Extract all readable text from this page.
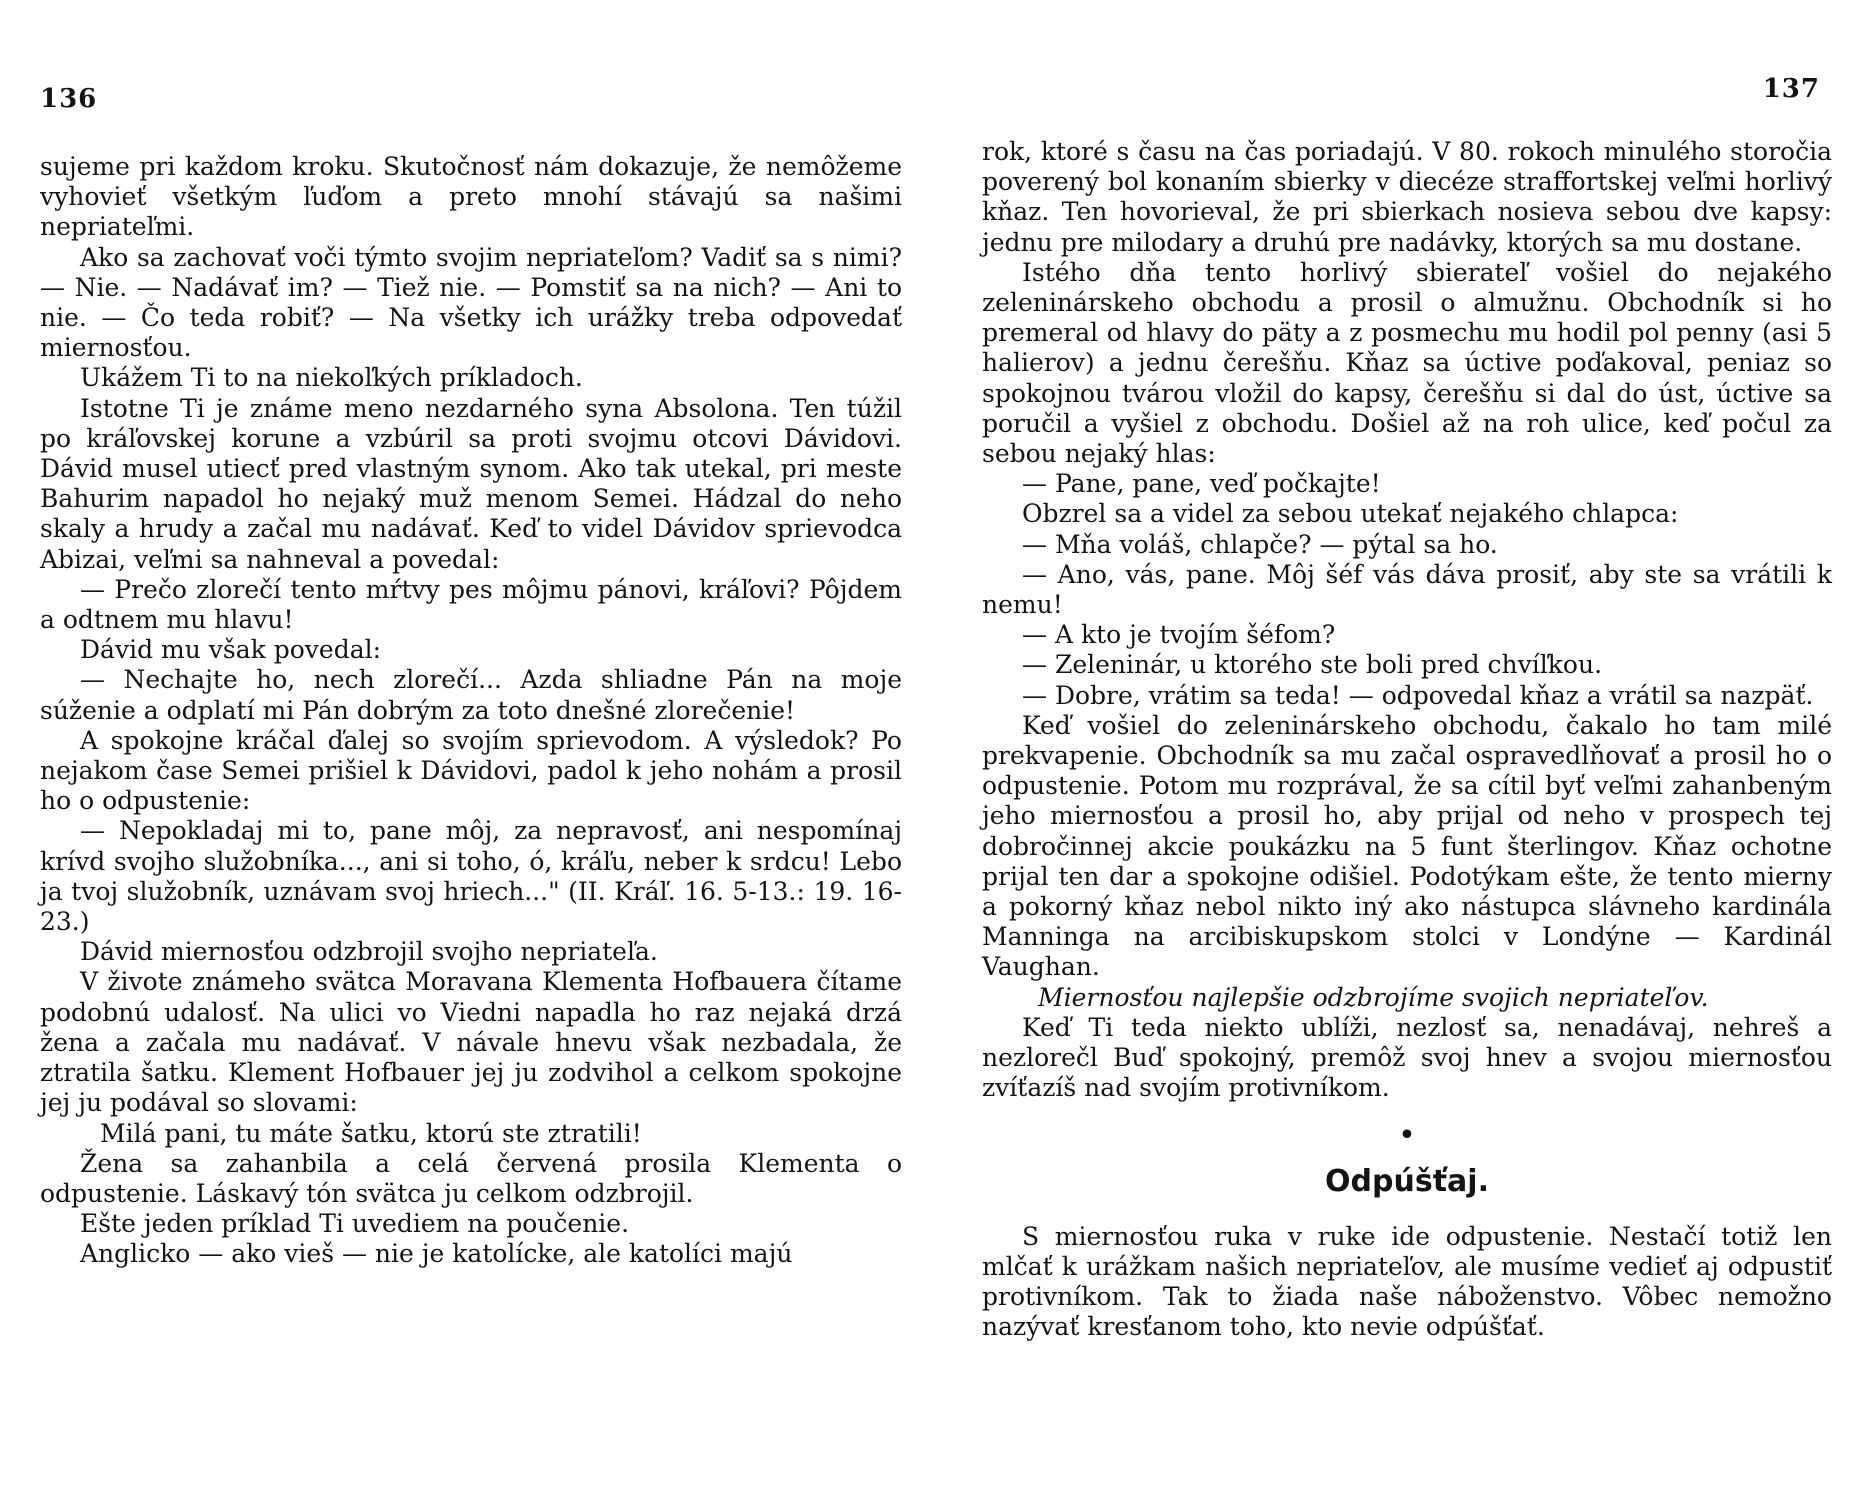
136	137

sujeme pri každom kroku. Skutočnosť nám dokazuje, že nemôžeme vyhovieť všetkým ľuďom a preto mnohí stávajú sa našimi nepriateľmi.

Ako sa zachovať voči týmto svojim nepriateľom? Vadiť sa s nimi? — Nie. — Nadávať im? — Tiež nie. — Pomstiť sa na nich? — Ani to nie. — Čo teda robiť? — Na všetky ich urážky treba odpovedať miernosťou.

Ukážem Ti to na niekoľkých príkladoch.

Istotne Ti je známe meno nezdarného syna Absolona. Ten túžil po kráľovskej korune a vzbúril sa proti svojmu otcovi Dávidovi. Dávid musel utiecť pred vlastným synom. Ako tak utekal, pri meste Bahurim napadol ho nejaký muž menom Semei. Hádzal do neho skaly a hrudy a začal mu nadávať. Keď to videl Dávidov sprievodca Abizai, veľmi sa nahneval a povedal:

— Prečo zlorečí tento mŕtvy pes môjmu pánovi, kráľovi? Pôjdem a odtnem mu hlavu!

Dávid mu však povedal:

— Nechajte ho, nech zlorečí... Azda shliadne Pán na moje súženie a odplatí mi Pán dobrým za toto dnešné zlorečenie!

A spokojne kráčal ďalej so svojím sprievodom. A výsledok? Po nejakom čase Semei prišiel k Dávidovi, padol k jeho nohám a prosil ho o odpustenie:

— Nepokladaj mi to, pane môj, za nepravosť, ani nespomínaj krívd svojho služobníka..., ani si toho, ó, kráľu, neber k srdcu! Lebo ja tvoj služobník, uznávam svoj hriech..." (II. Kráľ. 16. 5-13.: 19. 16-23.)

Dávid miernosťou odzbrojil svojho nepriateľa.

V živote známeho svätca Moravana Klementa Hofbauera čítame podobnú udalosť. Na ulici vo Viedni napadla ho raz nejaká drzá žena a začala mu nadávať. V návale hnevu však nezbadala, že ztratila šatku. Klement Hofbauer jej ju zodvihol a celkom spokojne jej ju podával so slovami:

Milá pani, tu máte šatku, ktorú ste ztratili!

Žena sa zahanbila a celá červená prosila Klementa o odpustenie. Láskavý tón svätca ju celkom odzbrojil.

Ešte jeden príklad Ti uvediem na poučenie.

Anglicko — ako vieš — nie je katolícke, ale katolíci majú

rok, ktoré s času na čas poriadajú. V 80. rokoch minulého storočia poverený bol konaním sbierky v diecéze straffortskej veľmi horlivý kňaz. Ten hovorieval, že pri sbierkach nosieva sebou dve kapsy: jednu pre milodary a druhú pre nadávky, ktorých sa mu dostane.

Istého dňa tento horlivý sbierateľ vošiel do nejakého zeleninárskeho obchodu a prosil o almužnu. Obchodník si ho premeral od hlavy do päty a z posmechu mu hodil pol penny (asi 5 halierov) a jednu čerešňu. Kňaz sa úctive poďakoval, peniaz so spokojnou tvárou vložil do kapsy, čerešňu si dal do úst, úctive sa poručil a vyšiel z obchodu. Došiel až na roh ulice, keď počul za sebou nejaký hlas:

— Pane, pane, veď počkajte!

Obzrel sa a videl za sebou utekať nejakého chlapca:

— Mňa voláš, chlapče? — pýtal sa ho.

— Ano, vás, pane. Môj šéf vás dáva prosiť, aby ste sa vrátili k nemu!

— A kto je tvojím šéfom?

— Zeleninár, u ktorého ste boli pred chvíľkou.

— Dobre, vrátim sa teda! — odpovedal kňaz a vrátil sa nazpäť.

Keď vošiel do zeleninárskeho obchodu, čakalo ho tam milé prekvapenie. Obchodník sa mu začal ospravedlňovať a prosil ho o odpustenie. Potom mu rozprával, že sa cítil byť veľmi zahanbeným jeho miernosťou a prosil ho, aby prijal od neho v prospech tej dobročinnej akcie poukázku na 5 funt šterlingov. Kňaz ochotne prijal ten dar a spokojne odišiel. Podotýkam ešte, že tento mierny a pokorný kňaz nebol nikto iný ako nástupca slávneho kardinála Manninga na arcibiskupskom stolci v Londýne — Kardinál Vaughan.

Miernosťou najlepšie odzbrojíme svojich nepriateľov.

Keď Ti teda niekto ublíži, nezlosť sa, nenadávaj, nehreš a nezlorečl Buď spokojný, premôž svoj hnev a svojou miernosťou zvíťazíš nad svojím protivníkom.

•
Odpúšťaj.

S miernosťou ruka v ruke ide odpustenie. Nestačí totiž len mlčať k urážkam našich nepriateľov, ale musíme vedieť aj odpustiť protivníkom. Tak to žiada naše náboženstvo. Vôbec nemožno nazývať kresťanom toho, kto nevie odpúšťať.
